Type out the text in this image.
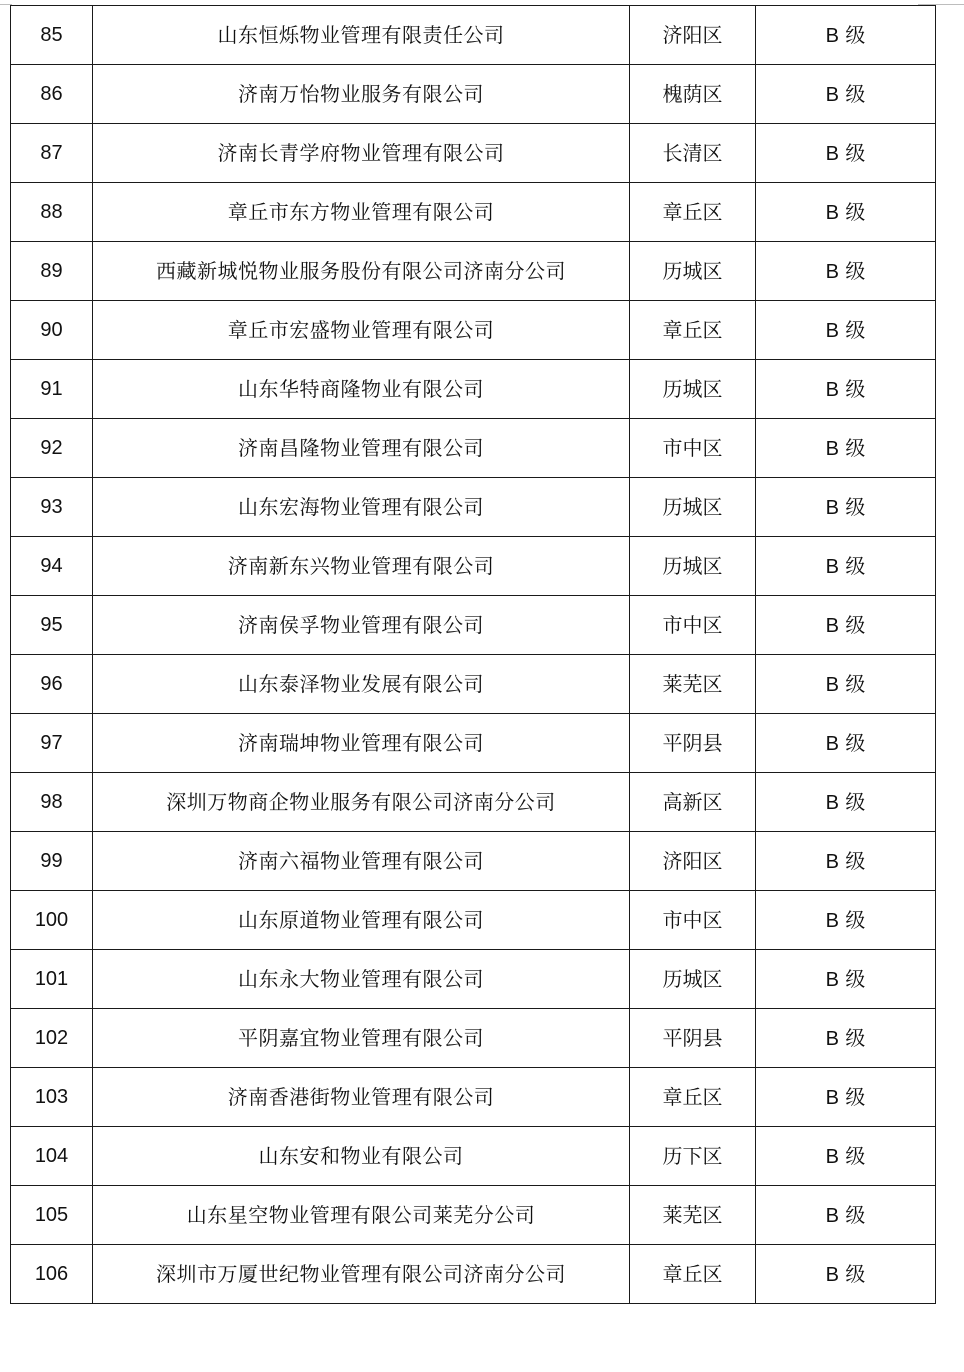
85	山东恒烁物业管理有限责任公司	济阳区	B 级
86	济南万怡物业服务有限公司	槐荫区	B 级
87	济南长青学府物业管理有限公司	长清区	B 级
88	章丘市东方物业管理有限公司	章丘区	B 级
89	西藏新城悦物业服务股份有限公司济南分公司	历城区	B 级
90	章丘市宏盛物业管理有限公司	章丘区	B 级
91	山东华特商隆物业有限公司	历城区	B 级
92	济南昌隆物业管理有限公司	市中区	B 级
93	山东宏海物业管理有限公司	历城区	B 级
94	济南新东兴物业管理有限公司	历城区	B 级
95	济南侯孚物业管理有限公司	市中区	B 级
96	山东泰泽物业发展有限公司	莱芜区	B 级
97	济南瑞坤物业管理有限公司	平阴县	B 级
98	深圳万物商企物业服务有限公司济南分公司	高新区	B 级
99	济南六福物业管理有限公司	济阳区	B 级
100	山东原道物业管理有限公司	市中区	B 级
101	山东永大物业管理有限公司	历城区	B 级
102	平阴嘉宜物业管理有限公司	平阴县	B 级
103	济南香港街物业管理有限公司	章丘区	B 级
104	山东安和物业有限公司	历下区	B 级
105	山东星空物业管理有限公司莱芜分公司	莱芜区	B 级
106	深圳市万厦世纪物业管理有限公司济南分公司	章丘区	B 级
